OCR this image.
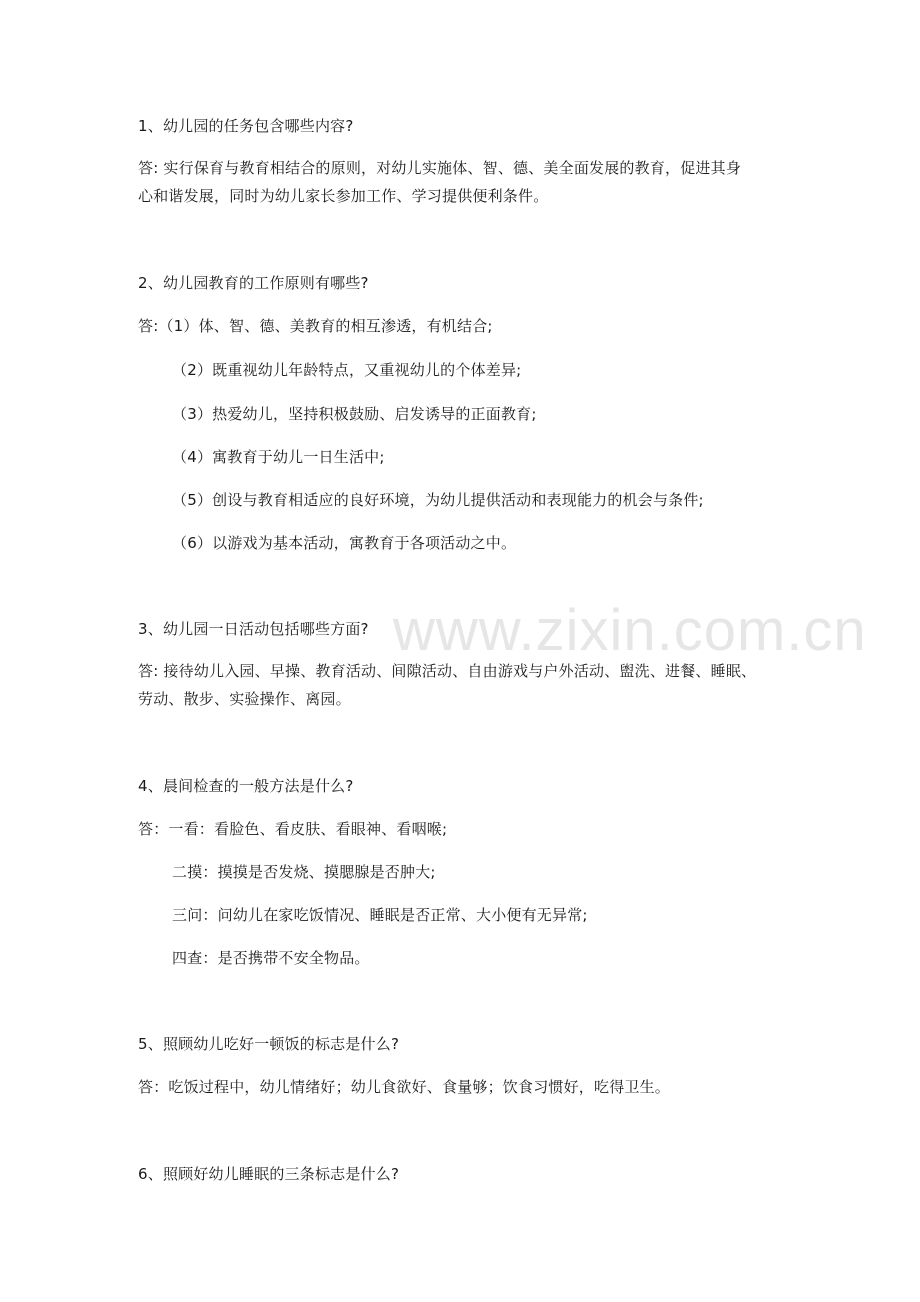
www.zixin.com.cn
1、幼儿园的任务包含哪些内容?
答: 实行保育与教育相结合的原则，对幼儿实施体、智、德、美全面发展的教育，促进其身
心和谐发展，同时为幼儿家长参加工作、学习提供便利条件。
2、幼儿园教育的工作原则有哪些?
答:（1）体、智、德、美教育的相互渗透，有机结合;
（2）既重视幼儿年龄特点，又重视幼儿的个体差异;
（3）热爱幼儿，坚持积极鼓励、启发诱导的正面教育;
（4）寓教育于幼儿一日生活中;
（5）创设与教育相适应的良好环境，为幼儿提供活动和表现能力的机会与条件;
（6）以游戏为基本活动，寓教育于各项活动之中。
3、幼儿园一日活动包括哪些方面?
答: 接待幼儿入园、早操、教育活动、间隙活动、自由游戏与户外活动、盥洗、进餐、睡眠、
劳动、散步、实验操作、离园。
4、晨间检查的一般方法是什么?
答：一看：看脸色、看皮肤、看眼神、看咽喉;
二摸：摸摸是否发烧、摸腮腺是否肿大;
三问：问幼儿在家吃饭情况、睡眠是否正常、大小便有无异常;
四查：是否携带不安全物品。
5、照顾幼儿吃好一顿饭的标志是什么?
答：吃饭过程中，幼儿情绪好；幼儿食欲好、食量够；饮食习惯好，吃得卫生。
6、照顾好幼儿睡眠的三条标志是什么?
